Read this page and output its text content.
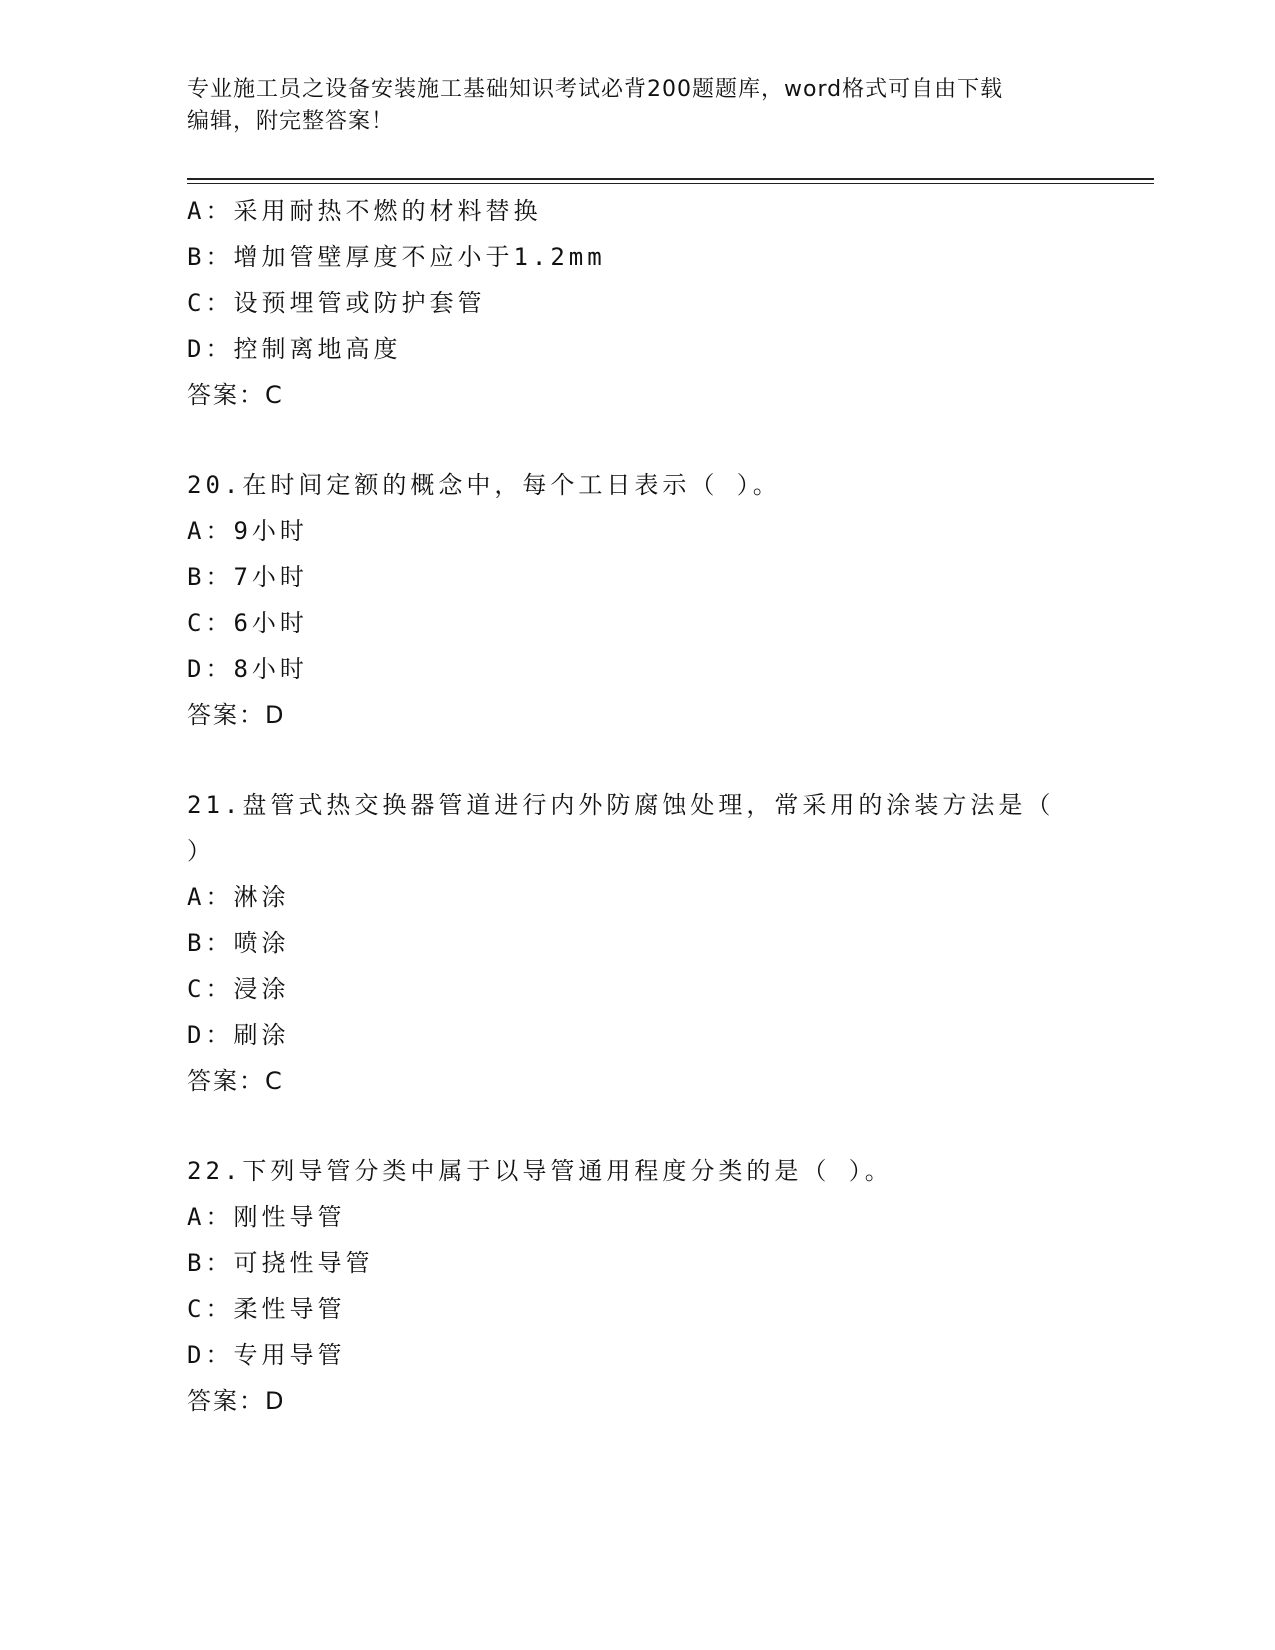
专业施工员之设备安装施工基础知识考试必背200题题库，word格式可自由下载
编辑，附完整答案！
A：采用耐热不燃的材料替换
B：增加管壁厚度不应小于1.2mm
C：设预埋管或防护套管
D：控制离地高度
答案：C
20.在时间定额的概念中，每个工日表示（ ）。
A：9小时
B：7小时
C：6小时
D：8小时
答案：D
21.盘管式热交换器管道进行内外防腐蚀处理，常采用的涂装方法是（
）
A：淋涂
B：喷涂
C：浸涂
D：刷涂
答案：C
22.下列导管分类中属于以导管通用程度分类的是（ ）。
A：刚性导管
B：可挠性导管
C：柔性导管
D：专用导管
答案：D
